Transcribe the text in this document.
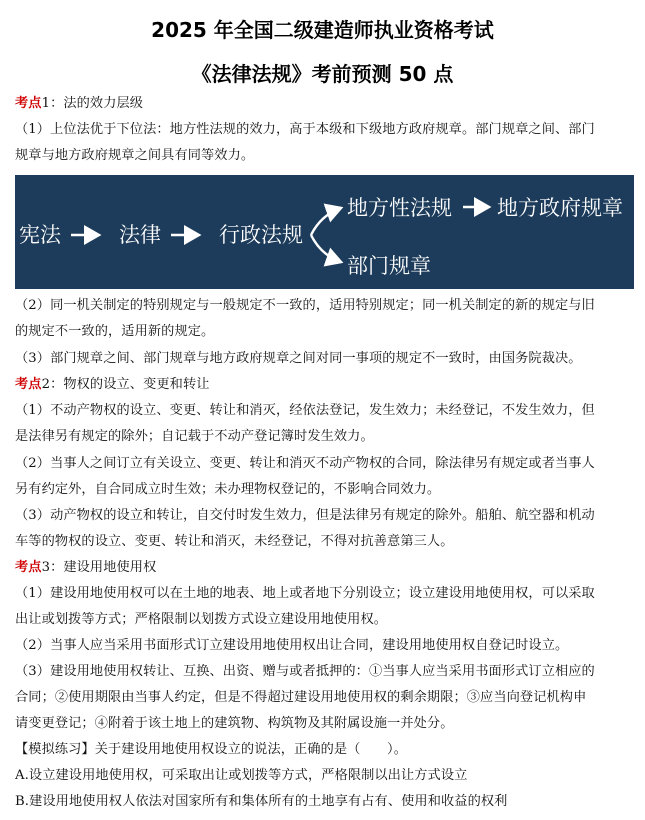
2025 年全国二级建造师执业资格考试
《法律法规》考前预测 50 点
考点1：法的效力层级
（1）上位法优于下位法：地方性法规的效力，高于本级和下级地方政府规章。部门规章之间、部门
规章与地方政府规章之间具有同等效力。
宪法	法律	行政法规
地方性法规 地方政府规章
部门规章
（2）同一机关制定的特别规定与一般规定不一致的，适用特别规定；同一机关制定的新的规定与旧
的规定不一致的，适用新的规定。
（3）部门规章之间、部门规章与地方政府规章之间对同一事项的规定不一致时，由国务院裁决。
考点2：物权的设立、变更和转让
（1）不动产物权的设立、变更、转让和消灭，经依法登记，发生效力；未经登记，不发生效力，但
是法律另有规定的除外；自记载于不动产登记簿时发生效力。
（2）当事人之间订立有关设立、变更、转让和消灭不动产物权的合同，除法律另有规定或者当事人
另有约定外，自合同成立时生效；未办理物权登记的，不影响合同效力。
（3）动产物权的设立和转让，自交付时发生效力，但是法律另有规定的除外。船舶、航空器和机动
车等的物权的设立、变更、转让和消灭，未经登记，不得对抗善意第三人。
考点3：建设用地使用权
（1）建设用地使用权可以在土地的地表、地上或者地下分别设立；设立建设用地使用权，可以采取
出让或划拨等方式；严格限制以划拨方式设立建设用地使用权。
（2）当事人应当采用书面形式订立建设用地使用权出让合同，建设用地使用权自登记时设立。
（3）建设用地使用权转让、互换、出资、赠与或者抵押的：①当事人应当采用书面形式订立相应的
合同；②使用期限由当事人约定，但是不得超过建设用地使用权的剩余期限；③应当向登记机构申
请变更登记；④附着于该土地上的建筑物、构筑物及其附属设施一并处分。
【模拟练习】关于建设用地使用权设立的说法，正确的是（　　）。
A.设立建设用地使用权，可采取出让或划拨等方式，严格限制以出让方式设立
B.建设用地使用权人依法对国家所有和集体所有的土地享有占有、使用和收益的权利
